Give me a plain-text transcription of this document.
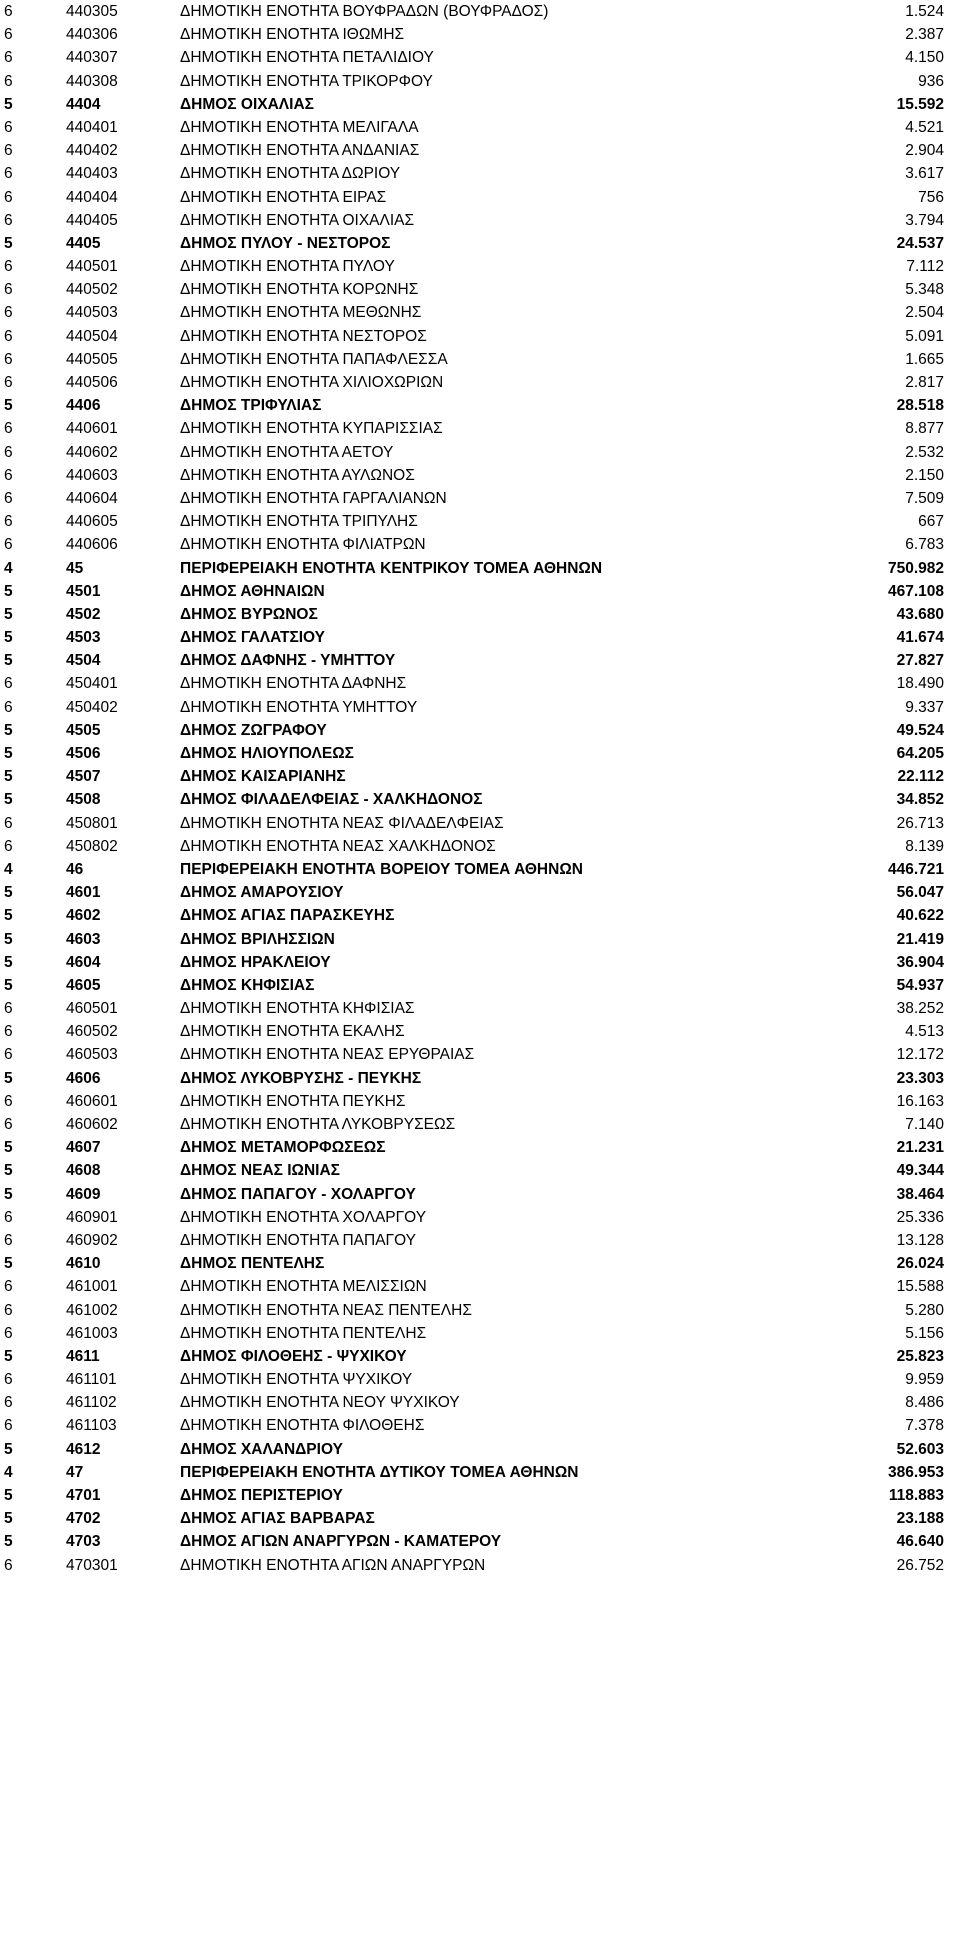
6	440305	ΔΗΜΟΤΙΚΗ ΕΝΟΤΗΤΑ ΒΟΥΦΡΑΔΩΝ (ΒΟΥΦΡΑΔΟΣ)	1.524
6	440306	ΔΗΜΟΤΙΚΗ ΕΝΟΤΗΤΑ ΙΘΩΜΗΣ	2.387
6	440307	ΔΗΜΟΤΙΚΗ ΕΝΟΤΗΤΑ ΠΕΤΑΛΙΔΙΟΥ	4.150
6	440308	ΔΗΜΟΤΙΚΗ ΕΝΟΤΗΤΑ ΤΡΙΚΟΡΦΟΥ	936
5	4404	ΔΗΜΟΣ ΟΙΧΑΛΙΑΣ	15.592
6	440401	ΔΗΜΟΤΙΚΗ ΕΝΟΤΗΤΑ ΜΕΛΙΓΑΛΑ	4.521
6	440402	ΔΗΜΟΤΙΚΗ ΕΝΟΤΗΤΑ ΑΝΔΑΝΙΑΣ	2.904
6	440403	ΔΗΜΟΤΙΚΗ ΕΝΟΤΗΤΑ ΔΩΡΙΟΥ	3.617
6	440404	ΔΗΜΟΤΙΚΗ ΕΝΟΤΗΤΑ ΕΙΡΑΣ	756
6	440405	ΔΗΜΟΤΙΚΗ ΕΝΟΤΗΤΑ ΟΙΧΑΛΙΑΣ	3.794
5	4405	ΔΗΜΟΣ ΠΥΛΟΥ - ΝΕΣΤΟΡΟΣ	24.537
6	440501	ΔΗΜΟΤΙΚΗ ΕΝΟΤΗΤΑ ΠΥΛΟΥ	7.112
6	440502	ΔΗΜΟΤΙΚΗ ΕΝΟΤΗΤΑ ΚΟΡΩΝΗΣ	5.348
6	440503	ΔΗΜΟΤΙΚΗ ΕΝΟΤΗΤΑ ΜΕΘΩΝΗΣ	2.504
6	440504	ΔΗΜΟΤΙΚΗ ΕΝΟΤΗΤΑ ΝΕΣΤΟΡΟΣ	5.091
6	440505	ΔΗΜΟΤΙΚΗ ΕΝΟΤΗΤΑ ΠΑΠΑΦΛΕΣΣΑ	1.665
6	440506	ΔΗΜΟΤΙΚΗ ΕΝΟΤΗΤΑ ΧΙΛΙΟΧΩΡΙΩΝ	2.817
5	4406	ΔΗΜΟΣ ΤΡΙΦΥΛΙΑΣ	28.518
6	440601	ΔΗΜΟΤΙΚΗ ΕΝΟΤΗΤΑ ΚΥΠΑΡΙΣΣΙΑΣ	8.877
6	440602	ΔΗΜΟΤΙΚΗ ΕΝΟΤΗΤΑ ΑΕΤΟΥ	2.532
6	440603	ΔΗΜΟΤΙΚΗ ΕΝΟΤΗΤΑ ΑΥΛΩΝΟΣ	2.150
6	440604	ΔΗΜΟΤΙΚΗ ΕΝΟΤΗΤΑ ΓΑΡΓΑΛΙΑΝΩΝ	7.509
6	440605	ΔΗΜΟΤΙΚΗ ΕΝΟΤΗΤΑ ΤΡΙΠΥΛΗΣ	667
6	440606	ΔΗΜΟΤΙΚΗ ΕΝΟΤΗΤΑ ΦΙΛΙΑΤΡΩΝ	6.783
4	45	ΠΕΡΙΦΕΡΕΙΑΚΗ ΕΝΟΤΗΤΑ ΚΕΝΤΡΙΚΟΥ ΤΟΜΕΑ ΑΘΗΝΩΝ	750.982
5	4501	ΔΗΜΟΣ ΑΘΗΝΑΙΩΝ	467.108
5	4502	ΔΗΜΟΣ ΒΥΡΩΝΟΣ	43.680
5	4503	ΔΗΜΟΣ ΓΑΛΑΤΣΙΟΥ	41.674
5	4504	ΔΗΜΟΣ ΔΑΦΝΗΣ - ΥΜΗΤΤΟΥ	27.827
6	450401	ΔΗΜΟΤΙΚΗ ΕΝΟΤΗΤΑ ΔΑΦΝΗΣ	18.490
6	450402	ΔΗΜΟΤΙΚΗ ΕΝΟΤΗΤΑ ΥΜΗΤΤΟΥ	9.337
5	4505	ΔΗΜΟΣ ΖΩΓΡΑΦΟΥ	49.524
5	4506	ΔΗΜΟΣ ΗΛΙΟΥΠΟΛΕΩΣ	64.205
5	4507	ΔΗΜΟΣ ΚΑΙΣΑΡΙΑΝΗΣ	22.112
5	4508	ΔΗΜΟΣ ΦΙΛΑΔΕΛΦΕΙΑΣ - ΧΑΛΚΗΔΟΝΟΣ	34.852
6	450801	ΔΗΜΟΤΙΚΗ ΕΝΟΤΗΤΑ ΝΕΑΣ ΦΙΛΑΔΕΛΦΕΙΑΣ	26.713
6	450802	ΔΗΜΟΤΙΚΗ ΕΝΟΤΗΤΑ ΝΕΑΣ ΧΑΛΚΗΔΟΝΟΣ	8.139
4	46	ΠΕΡΙΦΕΡΕΙΑΚΗ ΕΝΟΤΗΤΑ ΒΟΡΕΙΟΥ ΤΟΜΕΑ ΑΘΗΝΩΝ	446.721
5	4601	ΔΗΜΟΣ ΑΜΑΡΟΥΣΙΟΥ	56.047
5	4602	ΔΗΜΟΣ ΑΓΙΑΣ ΠΑΡΑΣΚΕΥΗΣ	40.622
5	4603	ΔΗΜΟΣ ΒΡΙΛΗΣΣΙΩΝ	21.419
5	4604	ΔΗΜΟΣ ΗΡΑΚΛΕΙΟΥ	36.904
5	4605	ΔΗΜΟΣ ΚΗΦΙΣΙΑΣ	54.937
6	460501	ΔΗΜΟΤΙΚΗ ΕΝΟΤΗΤΑ ΚΗΦΙΣΙΑΣ	38.252
6	460502	ΔΗΜΟΤΙΚΗ ΕΝΟΤΗΤΑ ΕΚΑΛΗΣ	4.513
6	460503	ΔΗΜΟΤΙΚΗ ΕΝΟΤΗΤΑ ΝΕΑΣ ΕΡΥΘΡΑΙΑΣ	12.172
5	4606	ΔΗΜΟΣ ΛΥΚΟΒΡΥΣΗΣ - ΠΕΥΚΗΣ	23.303
6	460601	ΔΗΜΟΤΙΚΗ ΕΝΟΤΗΤΑ ΠΕΥΚΗΣ	16.163
6	460602	ΔΗΜΟΤΙΚΗ ΕΝΟΤΗΤΑ ΛΥΚΟΒΡΥΣΕΩΣ	7.140
5	4607	ΔΗΜΟΣ ΜΕΤΑΜΟΡΦΩΣΕΩΣ	21.231
5	4608	ΔΗΜΟΣ ΝΕΑΣ ΙΩΝΙΑΣ	49.344
5	4609	ΔΗΜΟΣ ΠΑΠΑΓΟΥ - ΧΟΛΑΡΓΟΥ	38.464
6	460901	ΔΗΜΟΤΙΚΗ ΕΝΟΤΗΤΑ ΧΟΛΑΡΓΟΥ	25.336
6	460902	ΔΗΜΟΤΙΚΗ ΕΝΟΤΗΤΑ ΠΑΠΑΓΟΥ	13.128
5	4610	ΔΗΜΟΣ ΠΕΝΤΕΛΗΣ	26.024
6	461001	ΔΗΜΟΤΙΚΗ ΕΝΟΤΗΤΑ ΜΕΛΙΣΣΙΩΝ	15.588
6	461002	ΔΗΜΟΤΙΚΗ ΕΝΟΤΗΤΑ ΝΕΑΣ ΠΕΝΤΕΛΗΣ	5.280
6	461003	ΔΗΜΟΤΙΚΗ ΕΝΟΤΗΤΑ ΠΕΝΤΕΛΗΣ	5.156
5	4611	ΔΗΜΟΣ ΦΙΛΟΘΕΗΣ - ΨΥΧΙΚΟΥ	25.823
6	461101	ΔΗΜΟΤΙΚΗ ΕΝΟΤΗΤΑ ΨΥΧΙΚΟΥ	9.959
6	461102	ΔΗΜΟΤΙΚΗ ΕΝΟΤΗΤΑ ΝΕΟΥ ΨΥΧΙΚΟΥ	8.486
6	461103	ΔΗΜΟΤΙΚΗ ΕΝΟΤΗΤΑ ΦΙΛΟΘΕΗΣ	7.378
5	4612	ΔΗΜΟΣ ΧΑΛΑΝΔΡΙΟΥ	52.603
4	47	ΠΕΡΙΦΕΡΕΙΑΚΗ ΕΝΟΤΗΤΑ ΔΥΤΙΚΟΥ ΤΟΜΕΑ ΑΘΗΝΩΝ	386.953
5	4701	ΔΗΜΟΣ ΠΕΡΙΣΤΕΡΙΟΥ	118.883
5	4702	ΔΗΜΟΣ ΑΓΙΑΣ ΒΑΡΒΑΡΑΣ	23.188
5	4703	ΔΗΜΟΣ ΑΓΙΩΝ ΑΝΑΡΓΥΡΩΝ - ΚΑΜΑΤΕΡΟΥ	46.640
6	470301	ΔΗΜΟΤΙΚΗ ΕΝΟΤΗΤΑ ΑΓΙΩΝ ΑΝΑΡΓΥΡΩΝ	26.752
